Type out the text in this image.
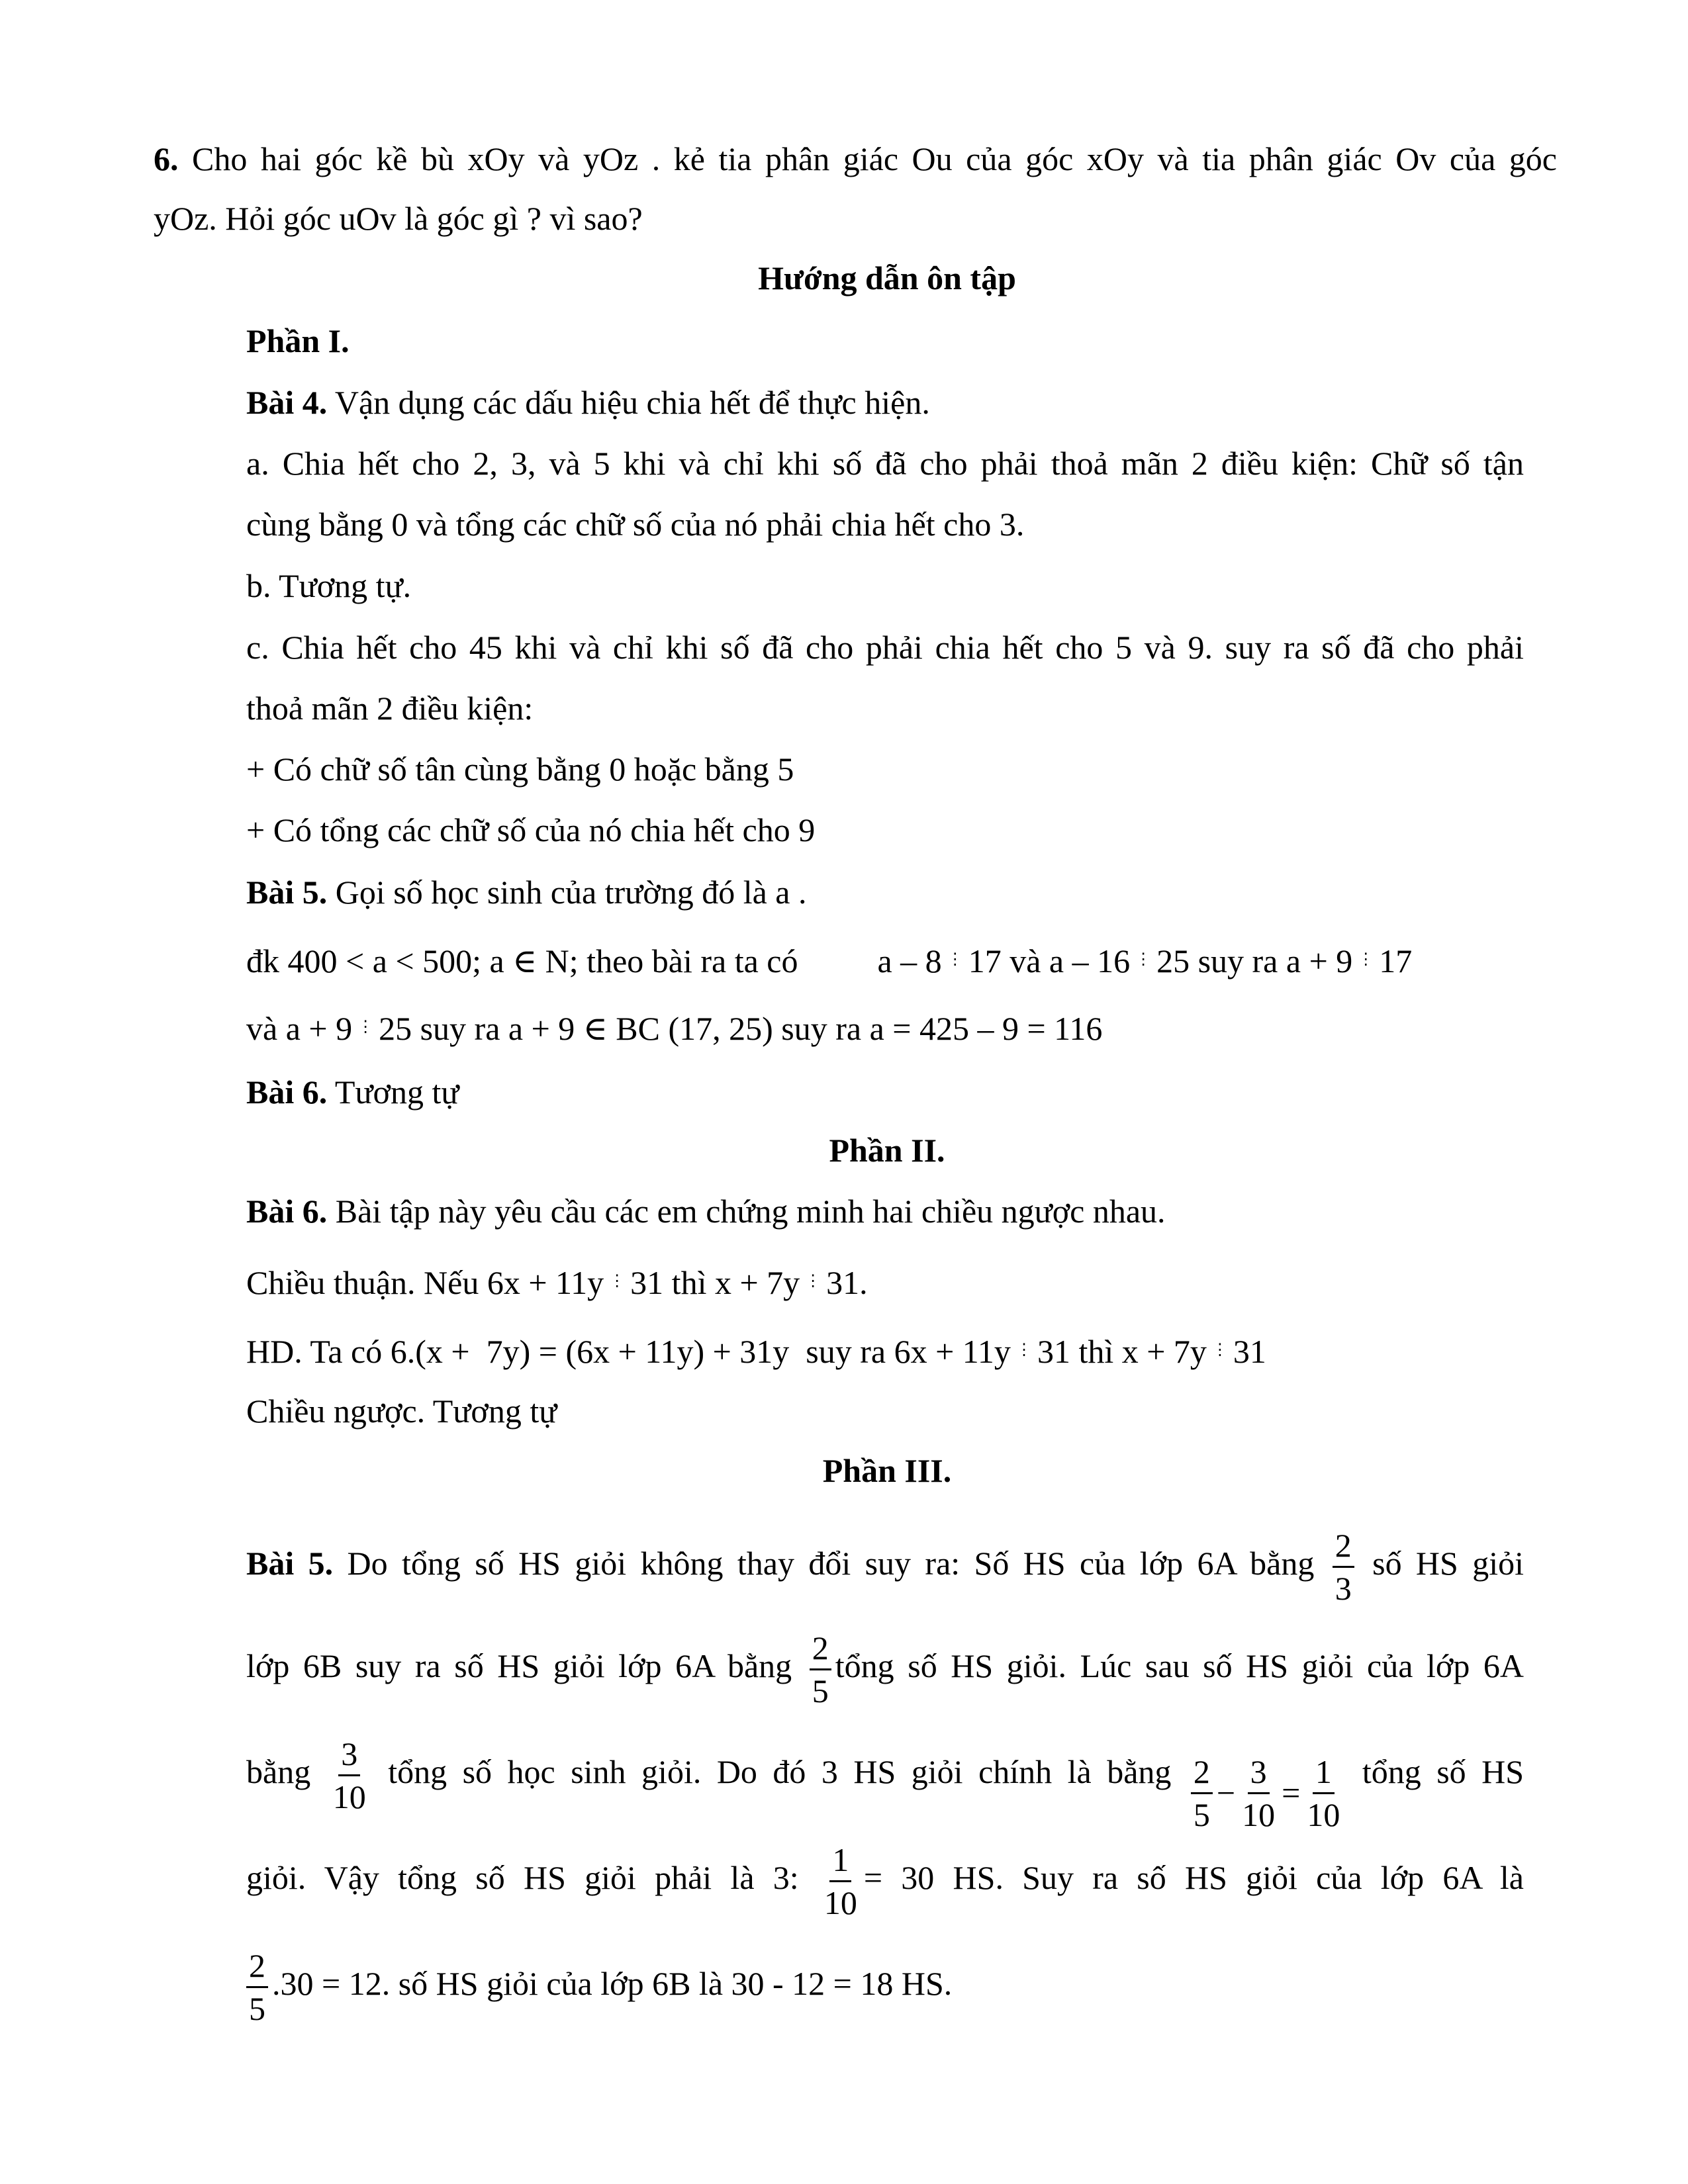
6. Cho hai góc kề bù xOy và yOz . kẻ tia phân giác Ou của góc xOy và tia phân giác Ov của góc
yOz. Hỏi góc uOv là góc gì ? vì sao?
Hướng dẫn ôn tập
Phần I.
Bài 4. Vận dụng các dấu hiệu chia hết để thực hiện.
a. Chia hết cho 2, 3, và 5 khi và chỉ khi số đã cho phải thoả mãn 2 điều kiện: Chữ số tận
cùng bằng 0 và tổng các chữ số của nó phải chia hết cho 3.
b. Tương tự.
c. Chia hết cho 45 khi và chỉ khi số đã cho phải chia hết cho 5 và 9. suy ra số đã cho phải
thoả mãn 2 điều kiện:
+ Có chữ số tân cùng bằng 0 hoặc bằng 5
+ Có tổng các chữ số của nó chia hết cho 9
Bài 5. Gọi số học sinh của trường đó là a .
đk 400 < a < 500; a ∈ N; theo bài ra ta có a – 8 ⋮ 17 và a – 16 ⋮ 25 suy ra a + 9 ⋮ 17
và a + 9 ⋮ 25 suy ra a + 9 ∈ BC (17, 25) suy ra a = 425 – 9 = 116
Bài 6. Tương tự
Phần II.
Bài 6. Bài tập này yêu cầu các em chứng minh hai chiều ngược nhau.
Chiều thuận. Nếu 6x + 11y ⋮ 31 thì x + 7y ⋮ 31.
HD. Ta có 6.(x +  7y) = (6x + 11y) + 31y  suy ra 6x + 11y ⋮ 31 thì x + 7y ⋮ 31
Chiều ngược. Tương tự
Phần III.
Bài 5. Do tổng số HS giỏi không thay đổi suy ra: Số HS của lớp 6A bằng $\frac{2}{3}$ số HS giỏi
lớp 6B suy ra số HS giỏi lớp 6A bằng $\frac{2}{5}$ tổng số HS giỏi. Lúc sau số HS giỏi của lớp 6A
bằng $\frac{3}{10}$ tổng số học sinh giỏi. Do đó 3 HS giỏi chính là bằng $\frac{2}{5} - \frac{3}{10} = \frac{1}{10}$ tổng số HS
giỏi. Vậy tổng số HS giỏi phải là 3: $\frac{1}{10} = 30$ HS. Suy ra số HS giỏi của lớp 6A là
$\frac{2}{5} .30 = 12$. số HS giỏi của lớp 6B là 30 - 12 = 18 HS.
